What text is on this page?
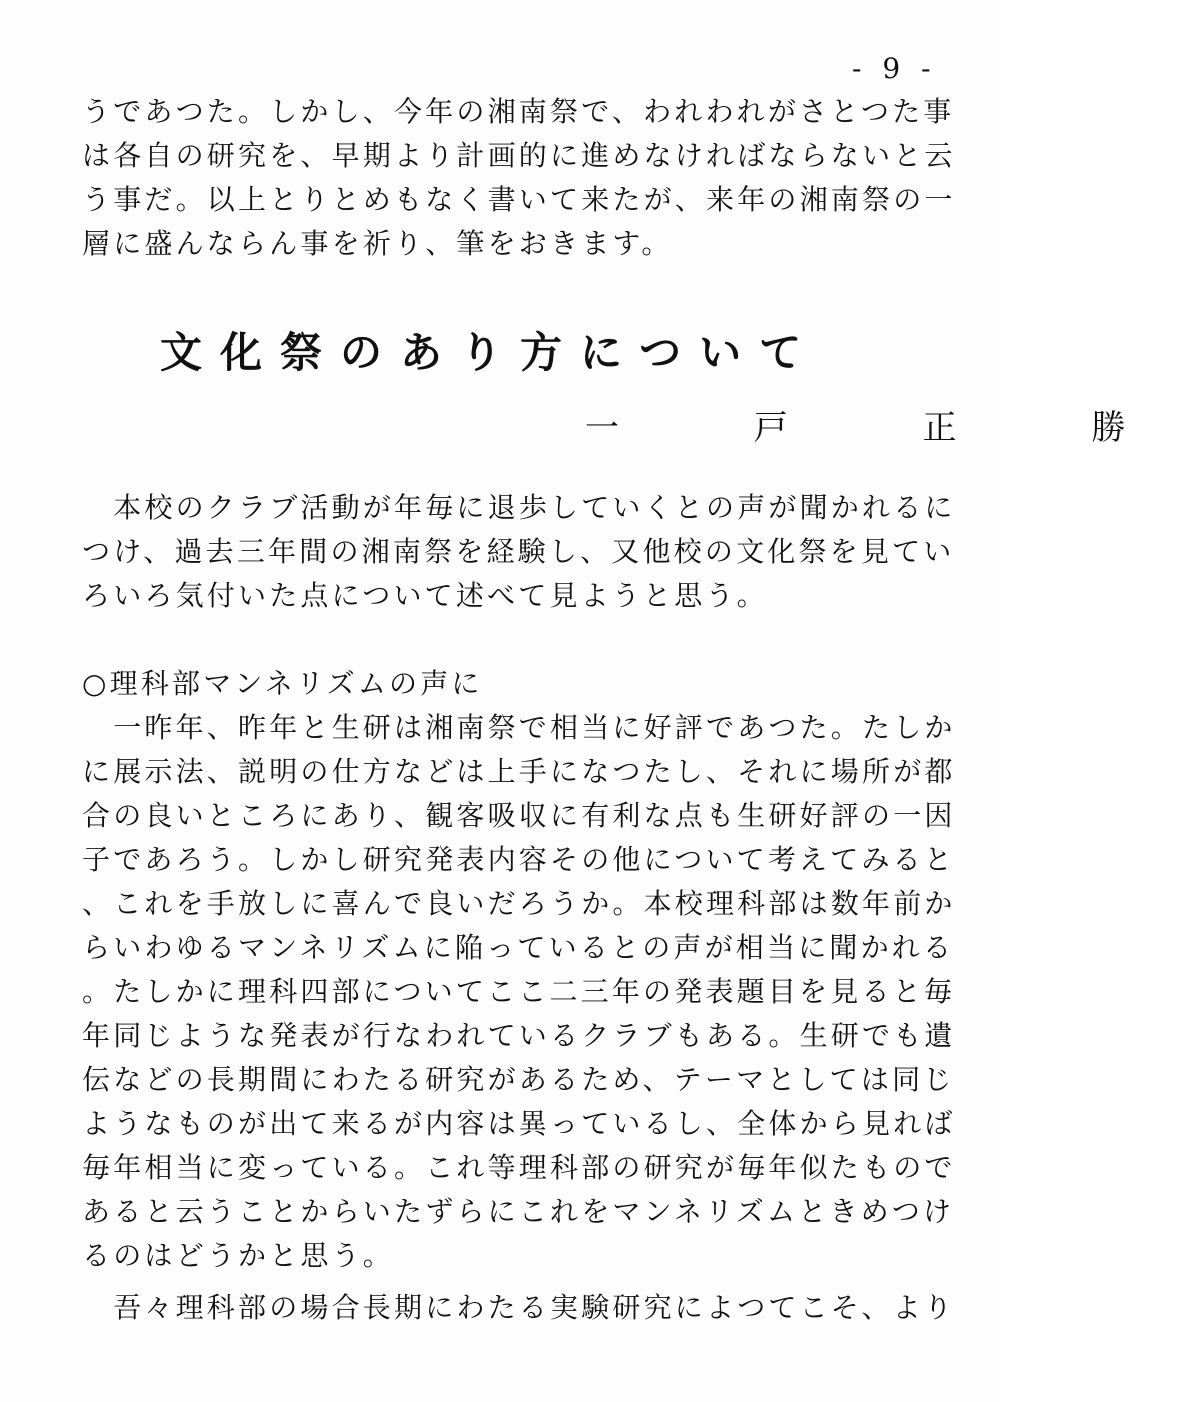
- 9 -
うであつた。しかし、今年の湘南祭で、われわれがさとつた事
は各自の研究を、早期より計画的に進めなければならないと云
う事だ。以上とりとめもなく書いて来たが、来年の湘南祭の一
層に盛んならん事を祈り、筆をおきます。
文化祭のあり方について
一 戸 正 勝
　本校のクラブ活動が年毎に退歩していくとの声が聞かれるに
つけ、過去三年間の湘南祭を経験し、又他校の文化祭を見てい
ろいろ気付いた点について述べて見ようと思う。
○理科部マンネリズムの声に
　一昨年、昨年と生研は湘南祭で相当に好評であつた。たしか
に展示法、説明の仕方などは上手になつたし、それに場所が都
合の良いところにあり、観客吸収に有利な点も生研好評の一因
子であろう。しかし研究発表内容その他について考えてみると
、これを手放しに喜んで良いだろうか。本校理科部は数年前か
らいわゆるマンネリズムに陥っているとの声が相当に聞かれる
。たしかに理科四部についてここ二三年の発表題目を見ると毎
年同じような発表が行なわれているクラブもある。生研でも遺
伝などの長期間にわたる研究があるため、テーマとしては同じ
ようなものが出て来るが内容は異っているし、全体から見れば
毎年相当に変っている。これ等理科部の研究が毎年似たもので
あると云うことからいたずらにこれをマンネリズムときめつけ
るのはどうかと思う。
　吾々理科部の場合長期にわたる実験研究によつてこそ、より
